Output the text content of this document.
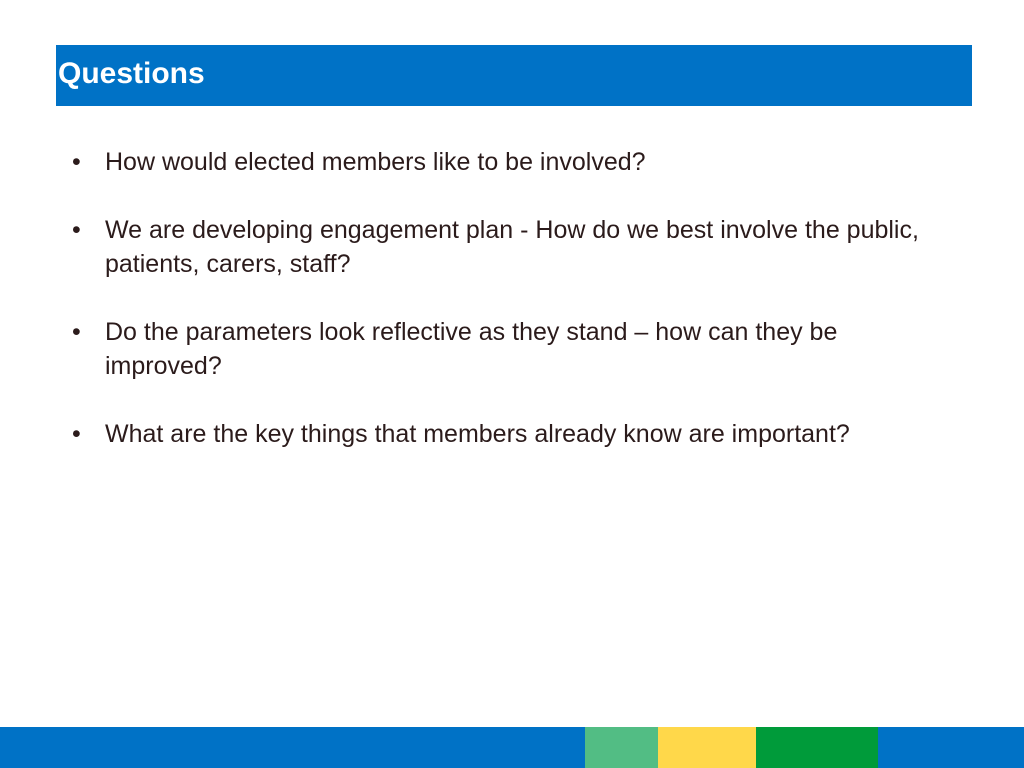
Questions
• How would elected members like to be involved?
• We are developing engagement plan - How do we best involve the public, patients, carers, staff?
• Do the parameters look reflective as they stand – how can they be improved?
• What are the key things that members already know are important?
